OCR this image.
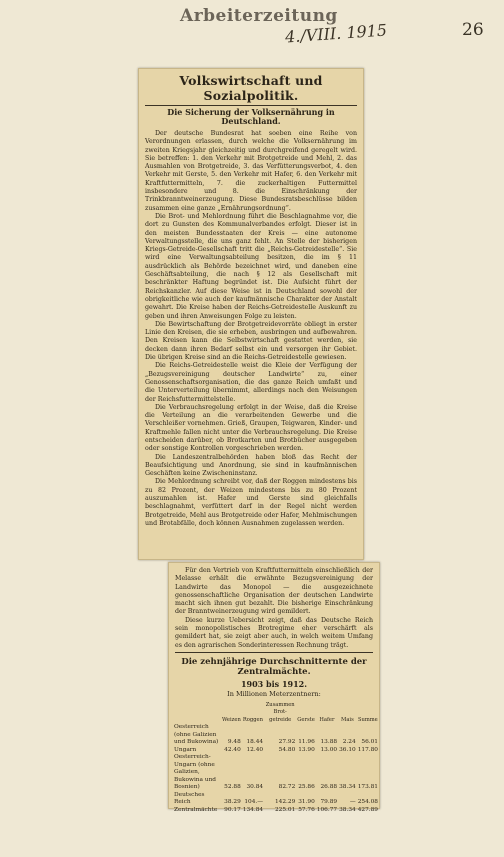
Arbeiterzeitung
4./VIII. 1915	26
Volkswirtschaft und Sozialpolitik.
Die Sicherung der Volksernährung in Deutschland.

Der deutsche Bundesrat hat soeben eine Reihe von Verordnungen erlassen, durch welche die Volksernährung im zweiten Kriegsjahr gleichzeitig und durchgreifend geregelt wird. Sie betreffen: 1. den Verkehr mit Brotgetreide und Mehl, 2. das Ausmahlen von Brotgetreide, 3. das Verfütterungsverbot, 4. den Verkehr mit Gerste, 5. den Verkehr mit Hafer, 6. den Verkehr mit Kraftfuttermitteln, 7. die zuckerhaltigen Futtermittel insbesondere und 8. die Einschränkung der Trinkbranntweinerzeugung. Diese Bundesratsbeschlüsse bilden zusammen eine ganze „Ernährungsordnung“.

Die Brot- und Mehlordnung führt die Beschlagnahme vor, die dort zu Gunsten des Kommunalverbandes erfolgt. Dieser ist in den meisten Bundesstaaten der Kreis — eine autonome Verwaltungsstelle, die uns ganz fehlt. An Stelle der bisherigen Kriegs-Getreide-Gesellschaft tritt die „Reichs-Getreidestelle“. Sie wird eine Verwaltungsabteilung besitzen, die im § 11 ausdrücklich als Behörde bezeichnet wird, und daneben eine Geschäftsabteilung, die nach § 12 als Gesellschaft mit beschränkter Haftung begründet ist. Die Aufsicht führt der Reichskanzler. Auf diese Weise ist in Deutschland sowohl der obrigkeitliche wie auch der kaufmännische Charakter der Anstalt gewahrt. Die Kreise haben der Reichs-Getreidestelle Auskunft zu geben und ihren Anweisungen Folge zu leisten.

Die Bewirtschaftung der Brotgetreidevorräte obliegt in erster Linie den Kreisen, die sie erheben, ausbringen und aufbewahren. Den Kreisen kann die Selbstwirtschaft gestattet werden, sie decken dann ihren Bedarf selbst ein und versorgen ihr Gebiet. Die übrigen Kreise sind an die Reichs-Getreidestelle gewiesen.

Die Reichs-Getreidestelle weist die Kleie der Verfügung der „Bezugsvereinigung deutscher Landwirte“ zu, einer Genossenschaftsorganisation, die das ganze Reich umfaßt und die Unterverteilung übernimmt, allerdings nach den Weisungen der Reichsfuttermittelstelle.

Die Verbrauchsregelung erfolgt in der Weise, daß die Kreise die Verteilung an die verarbeitenden Gewerbe und die Verschleißer vornehmen. Grieß, Graupen, Teigwaren, Kinder- und Kraftmehle fallen nicht unter die Verbrauchsregelung. Die Kreise entscheiden darüber, ob Brotkarten und Brotbücher ausgegeben oder sonstige Kontrollen vorgeschrieben werden.

Die Landeszentralbehörden haben bloß das Recht der Beaufsichtigung und Anordnung, sie sind in kaufmännischen Geschäften keine Zwischeninstanz.

Die Mehlordnung schreibt vor, daß der Roggen mindestens bis zu 82 Prozent, der Weizen mindestens bis zu 80 Prozent auszumahlen ist. Hafer und Gerste sind gleichfalls beschlagnahmt, verfüttert darf in der Regel nicht werden Brotgetreide, Mehl aus Brotgetreide oder Hafer, Mehlmischungen und Brotabfälle, doch können Ausnahmen zugelassen werden.

Für den Vertrieb von Kraftfuttermitteln einschließlich der Melasse erhält die erwähnte Bezugsvereinigung der Landwirte das Monopol — die ausgezeichnete genossenschaftliche Organisation der deutschen Landwirte macht sich ihnen gut bezahlt. Die bisherige Einschränkung der Branntweinerzeugung wird gemildert.

Diese kurze Uebersicht zeigt, daß das Deutsche Reich sein monopolistisches Brotregime eher verschärft als gemildert hat, sie zeigt aber auch, in welch weitem Umfang es den agrarischen Sonderinteressen Rechnung trägt.

Die zehnjährige Durchschnitternte der Zentralmächte.
1903 bis 1912.
In Millionen Meterzentnern:
	Weizen	Roggen	Zusammen Brot-getreide	Gerste	Hafer	Mais	Summe
Oesterreich (ohne Galizien und Bukowina)	9.48	18.44	27.92	11.96	13.88	2.24	56.01
Ungarn	42.40	12.40	54.80	13.90	13.00	36.10	117.80
Oesterreich-Ungarn (ohne Galizien, Bukowina und Bosnien)	52.88	30.84	82.72	25.86	26.88	38.34	173.81
Deutsches Reich	38.29	104.—	142.29	31.90	79.89	—	254.08
Zentralmächte	90.17	134.84	225.01	57.76	106.77	38.34	427.89
